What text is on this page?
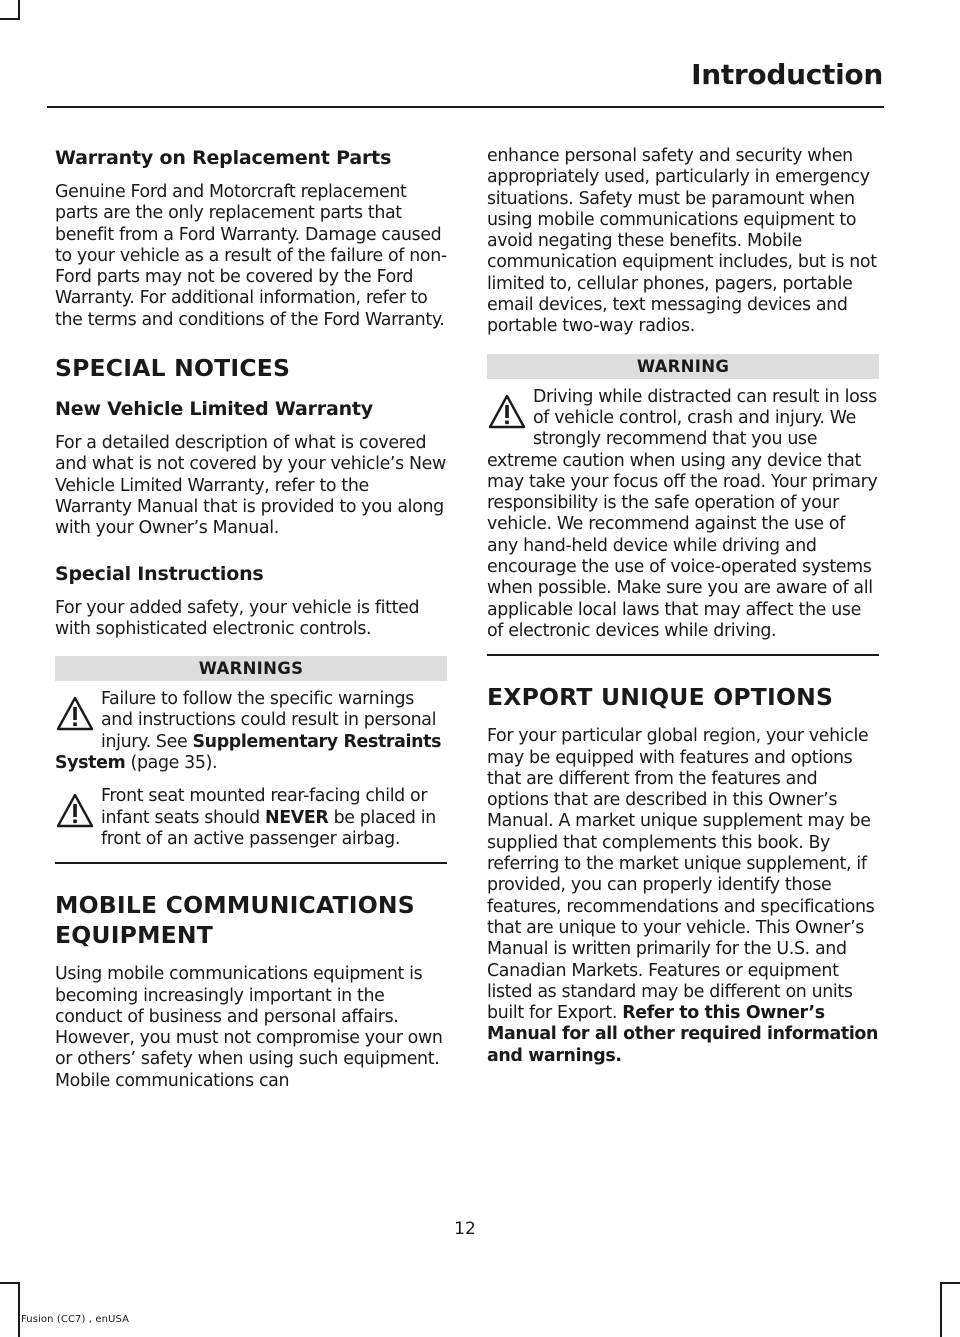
Introduction
Warranty on Replacement Parts

Genuine Ford and Motorcraft replacement parts are the only replacement parts that benefit from a Ford Warranty. Damage caused to your vehicle as a result of the failure of non-Ford parts may not be covered by the Ford Warranty. For additional information, refer to the terms and conditions of the Ford Warranty.

SPECIAL NOTICES
New Vehicle Limited Warranty

For a detailed description of what is covered and what is not covered by your vehicle’s New Vehicle Limited Warranty, refer to the Warranty Manual that is provided to you along with your Owner’s Manual.

Special Instructions

For your added safety, your vehicle is fitted with sophisticated electronic controls.

WARNINGS
Failure to follow the specific warnings and instructions could result in personal injury. See Supplementary Restraints System (page 35).
Front seat mounted rear-facing child or infant seats should NEVER be placed in front of an active passenger airbag.
MOBILE COMMUNICATIONS
EQUIPMENT

Using mobile communications equipment is becoming increasingly important in the conduct of business and personal affairs. However, you must not compromise your own or others’ safety when using such equipment. Mobile communications can

enhance personal safety and security when appropriately used, particularly in emergency situations. Safety must be paramount when using mobile communications equipment to avoid negating these benefits. Mobile communication equipment includes, but is not limited to, cellular phones, pagers, portable email devices, text messaging devices and portable two-way radios.

WARNING
Driving while distracted can result in loss of vehicle control, crash and injury. We strongly recommend that you use extreme caution when using any device that may take your focus off the road. Your primary responsibility is the safe operation of your vehicle. We recommend against the use of any hand-held device while driving and encourage the use of voice-operated systems when possible. Make sure you are aware of all applicable local laws that may affect the use of electronic devices while driving.
EXPORT UNIQUE OPTIONS

For your particular global region, your vehicle may be equipped with features and options that are different from the features and options that are described in this Owner’s Manual. A market unique supplement may be supplied that complements this book. By referring to the market unique supplement, if provided, you can properly identify those features, recommendations and specifications that are unique to your vehicle. This Owner’s Manual is written primarily for the U.S. and Canadian Markets. Features or equipment listed as standard may be different on units built for Export. Refer to this Owner’s Manual for all other required information and warnings.

12
Fusion (CC7) , enUSA
